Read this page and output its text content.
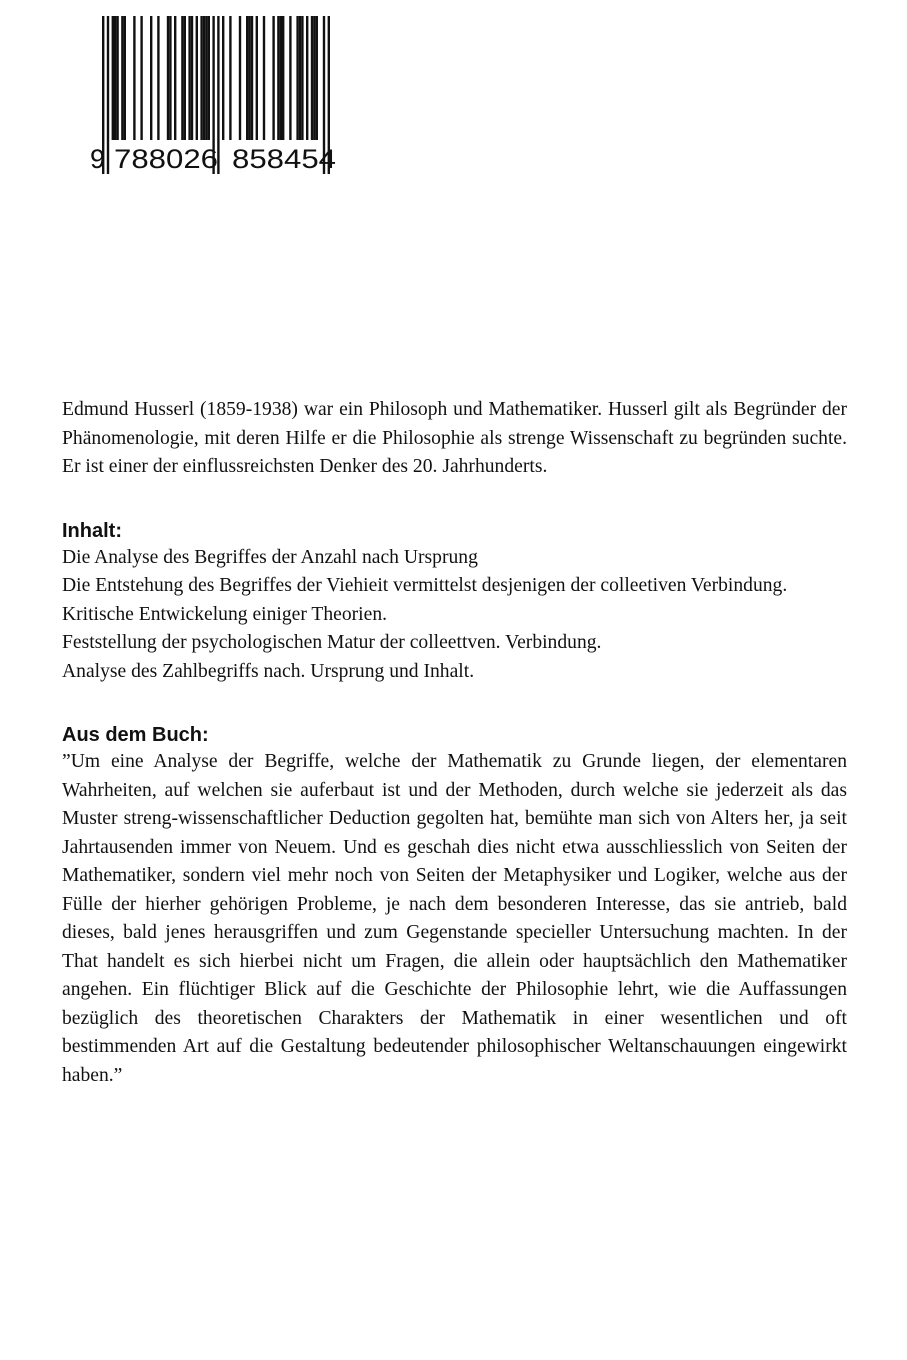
9 788026 858454

Edmund Husserl (1859-1938) war ein Philosoph und Mathematiker. Husserl gilt als Begründer der Phänomenologie, mit deren Hilfe er die Philosophie als strenge Wissenschaft zu begründen suchte. Er ist einer der einflussreichsten Denker des 20. Jahrhunderts.

Inhalt:
Die Analyse des Begriffes der Anzahl nach Ursprung
Die Entstehung des Begriffes der Viehieit vermittelst desjenigen der colleetiven Verbindung.
Kritische Entwickelung einiger Theorien.
Feststellung der psychologischen Matur der colleettven. Verbindung.
Analyse des Zahlbegriffs nach. Ursprung und Inhalt.
Aus dem Buch:

”Um eine Analyse der Begriffe, welche der Mathematik zu Grunde liegen, der elementaren Wahrheiten, auf welchen sie auferbaut ist und der Methoden, durch welche sie jederzeit als das Muster streng-wissenschaftlicher Deduction gegolten hat, bemühte man sich von Alters her, ja seit Jahrtausenden immer von Neuem. Und es geschah dies nicht etwa ausschliesslich von Seiten der Mathematiker, sondern viel mehr noch von Seiten der Metaphysiker und Logiker, welche aus der Fülle der hierher gehörigen Probleme, je nach dem besonderen Interesse, das sie antrieb, bald dieses, bald jenes herausgriffen und zum Gegenstande specieller Untersuchung machten. In der That handelt es sich hierbei nicht um Fragen, die allein oder hauptsächlich den Mathematiker angehen. Ein flüchtiger Blick auf die Geschichte der Philosophie lehrt, wie die Auffassungen bezüglich des theoretischen Charakters der Mathematik in einer wesentlichen und oft bestimmenden Art auf die Gestaltung bedeutender philosophischer Weltanschauungen eingewirkt haben.”
